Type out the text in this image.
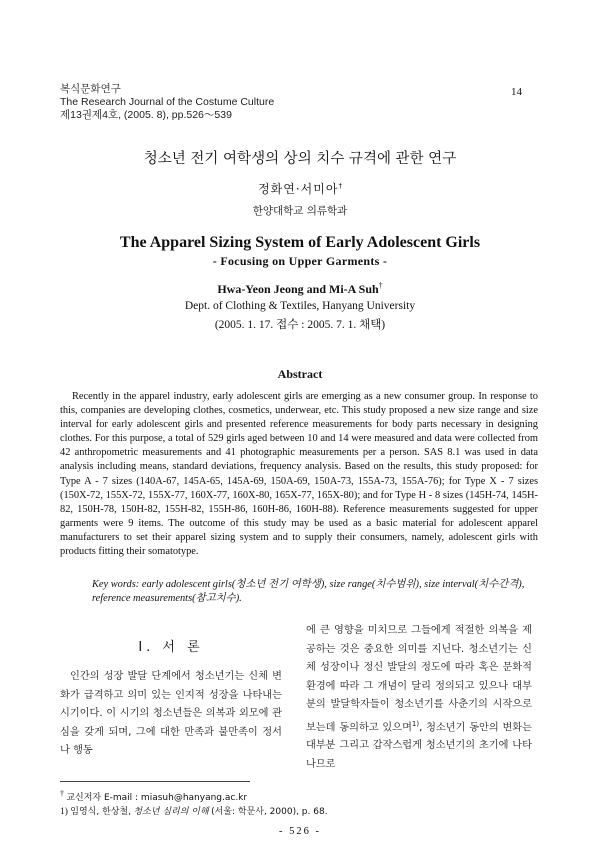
복식문화연구
The Research Journal of the Costume Culture
제13권제4호, (2005. 8), pp.526～539
14
청소년 전기 여학생의 상의 치수 규격에 관한 연구
정화연·서미아†
한양대학교 의류학과
The Apparel Sizing System of Early Adolescent Girls
- Focusing on Upper Garments -
Hwa-Yeon Jeong and Mi-A Suh†
Dept. of Clothing & Textiles, Hanyang University
(2005. 1. 17. 접수 : 2005. 7. 1. 채택)
Abstract
Recently in the apparel industry, early adolescent girls are emerging as a new consumer group. In response to this, companies are developing clothes, cosmetics, underwear, etc. This study proposed a new size range and size interval for early adolescent girls and presented reference measurements for body parts necessary in designing clothes. For this purpose, a total of 529 girls aged between 10 and 14 were measured and data were collected from 42 anthropometric measurements and 41 photographic measurements per a person. SAS 8.1 was used in data analysis including means, standard deviations, frequency analysis. Based on the results, this study proposed: for Type A - 7 sizes (140A-67, 145A-65, 145A-69, 150A-69, 150A-73, 155A-73, 155A-76); for Type X - 7 sizes (150X-72, 155X-72, 155X-77, 160X-77, 160X-80, 165X-77, 165X-80); and for Type H - 8 sizes (145H-74, 145H-82, 150H-78, 150H-82, 155H-82, 155H-86, 160H-86, 160H-88). Reference measurements suggested for upper garments were 9 items. The outcome of this study may be used as a basic material for adolescent apparel manufacturers to set their apparel sizing system and to supply their consumers, namely, adolescent girls with products fitting their somatotype.
Key words: early adolescent girls(청소년 전기 여학생), size range(치수범위), size interval(치수간격), reference measurements(참고치수).
Ⅰ. 서 론
인간의 성장 발달 단계에서 청소년기는 신체 변화가 급격하고 의미 있는 인지적 성장을 나타내는 시기이다. 이 시기의 청소년들은 의복과 외모에 관심을 갖게 되며, 그에 대한 만족과 불만족이 정서나 행동
에 큰 영향을 미치므로 그들에게 적절한 의복을 제공하는 것은 중요한 의미를 지닌다. 청소년기는 신체 성장이나 정신 발달의 정도에 따라 혹은 문화적 환경에 따라 그 개념이 달리 정의되고 있으나 대부분의 발달학자들이 청소년기를 사춘기의 시작으로 보는데 동의하고 있으며$^{1)}$, 청소년기 동안의 변화는 대부분 그리고 갑작스럽게 청소년기의 초기에 나타나므로
† 교신저자 E-mail : miasuh@hanyang.ac.kr
1) 임영식, 한상철, 청소년 심리의 이해 (서울: 학문사, 2000), p. 68.
- 526 -
